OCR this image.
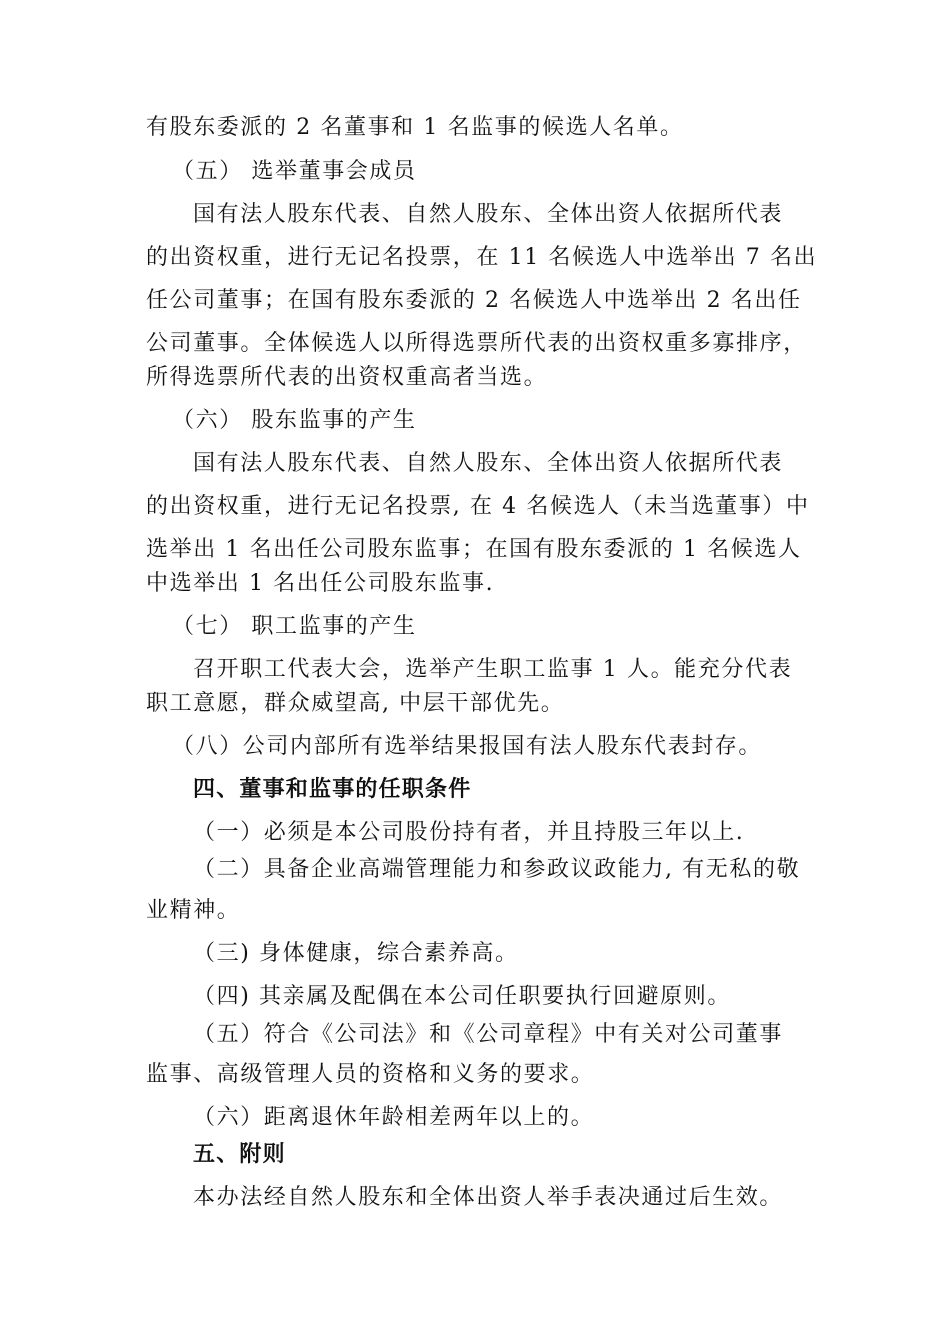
有股东委派的 2 名董事和 1 名监事的候选人名单。
（五） 选举董事会成员
国有法人股东代表、自然人股东、全体出资人依据所代表
的出资权重，进行无记名投票，在 11 名候选人中选举出 7 名出
任公司董事；在国有股东委派的 2 名候选人中选举出 2 名出任
公司董事。全体候选人以所得选票所代表的出资权重多寡排序，
所得选票所代表的出资权重高者当选。
（六） 股东监事的产生
国有法人股东代表、自然人股东、全体出资人依据所代表
的出资权重，进行无记名投票, 在 4 名候选人（未当选董事）中
选举出 1 名出任公司股东监事；在国有股东委派的 1 名候选人
中选举出 1 名出任公司股东监事.
（七） 职工监事的产生
召开职工代表大会，选举产生职工监事 1 人。能充分代表
职工意愿，群众威望高, 中层干部优先。
（八）公司内部所有选举结果报国有法人股东代表封存。
四、董事和监事的任职条件
（一）必须是本公司股份持有者，并且持股三年以上.
（二）具备企业高端管理能力和参政议政能力, 有无私的敬
业精神。
（三) 身体健康，综合素养高。
（四) 其亲属及配偶在本公司任职要执行回避原则。
（五）符合《公司法》和《公司章程》中有关对公司董事
监事、高级管理人员的资格和义务的要求。
（六）距离退休年龄相差两年以上的。
五、附则
本办法经自然人股东和全体出资人举手表决通过后生效。
